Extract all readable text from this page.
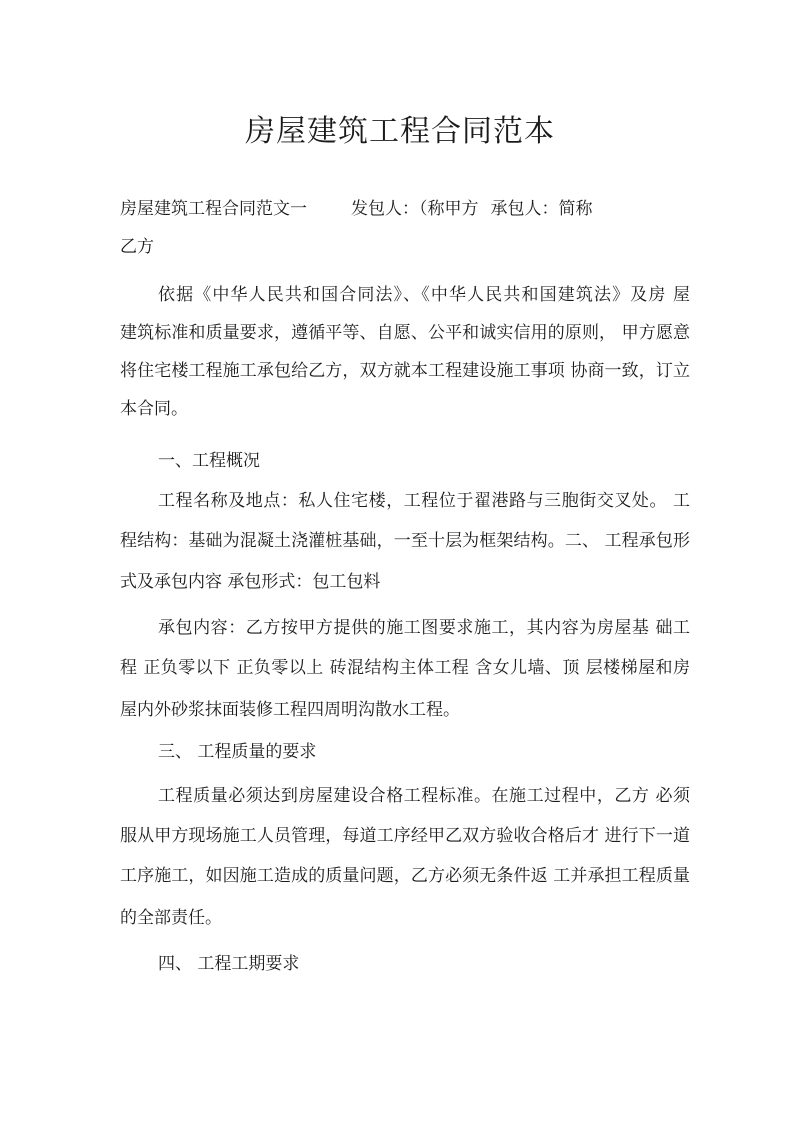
房屋建筑工程合同范本

房屋建筑工程合同范文一	发包人：（称甲方 承包人：简称

乙方

依据《中华人民共和国合同法》、《中华人民共和国建筑法》及房 屋

建筑标准和质量要求，遵循平等、自愿、公平和诚实信用的原则， 甲方愿意

将住宅楼工程施工承包给乙方，双方就本工程建设施工事项 协商一致，订立

本合同。

一、工程概况

工程名称及地点：私人住宅楼，工程位于翟港路与三胞街交叉处。 工

程结构：基础为混凝土浇灌桩基础，一至十层为框架结构。二、 工程承包形

式及承包内容 承包形式：包工包料

承包内容：乙方按甲方提供的施工图要求施工，其内容为房屋基 础工

程 正负零以下 正负零以上 砖混结构主体工程 含女儿墙、顶 层楼梯屋和房

屋内外砂浆抹面装修工程四周明沟散水工程。

三、 工程质量的要求

工程质量必须达到房屋建设合格工程标准。在施工过程中，乙方 必须

服从甲方现场施工人员管理，每道工序经甲乙双方验收合格后才 进行下一道

工序施工，如因施工造成的质量问题，乙方必须无条件返 工并承担工程质量

的全部责任。

四、 工程工期要求
